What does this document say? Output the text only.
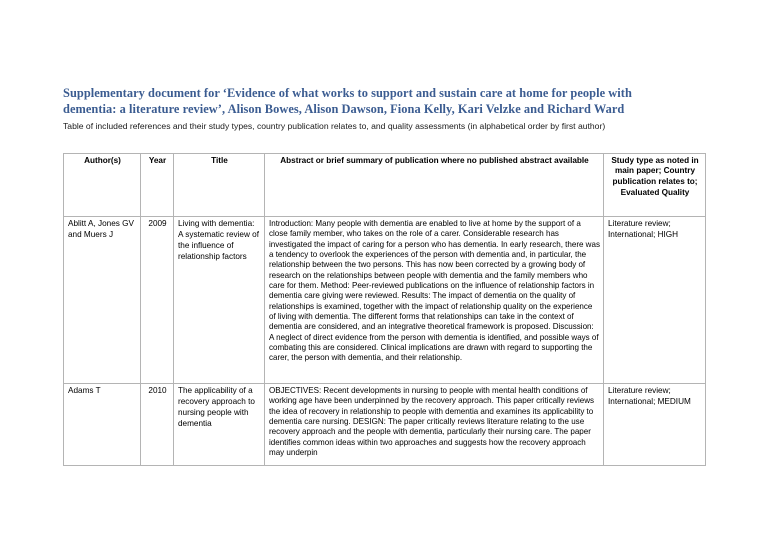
Supplementary document for ‘Evidence of what works to support and sustain care at home for people with dementia: a literature review’, Alison Bowes, Alison Dawson, Fiona Kelly, Kari Velzke and Richard Ward

Table of included references and their study types, country publication relates to, and quality assessments (in alphabetical order by first author)

Author(s)	Year	Title	Abstract or brief summary of publication where no published abstract available	Study type as noted in main paper; Country publication relates to; Evaluated Quality
Ablitt A, Jones GV and Muers J	2009	Living with dementia: A systematic review of the influence of relationship factors	Introduction: Many people with dementia are enabled to live at home by the support of a close family member, who takes on the role of a carer. Considerable research has investigated the impact of caring for a person who has dementia. In early research, there was a tendency to overlook the experiences of the person with dementia and, in particular, the relationship between the two persons. This has now been corrected by a growing body of research on the relationships between people with dementia and the family members who care for them. Method: Peer-reviewed publications on the influence of relationship factors in dementia care giving were reviewed. Results: The impact of dementia on the quality of relationships is examined, together with the impact of relationship quality on the experience of living with dementia. The different forms that relationships can take in the context of dementia are considered, and an integrative theoretical framework is proposed. Discussion: A neglect of direct evidence from the person with dementia is identified, and possible ways of combating this are considered. Clinical implications are drawn with regard to supporting the carer, the person with dementia, and their relationship.	Literature review; International; HIGH
Adams T	2010	The applicability of a recovery approach to nursing people with dementia	OBJECTIVES: Recent developments in nursing to people with mental health conditions of working age have been underpinned by the recovery approach. This paper critically reviews the idea of recovery in relationship to people with dementia and examines its applicability to dementia care nursing. DESIGN: The paper critically reviews literature relating to the use recovery approach and the people with dementia, particularly their nursing care. The paper identifies common ideas within two approaches and suggests how the recovery approach may underpin	Literature review; International; MEDIUM
